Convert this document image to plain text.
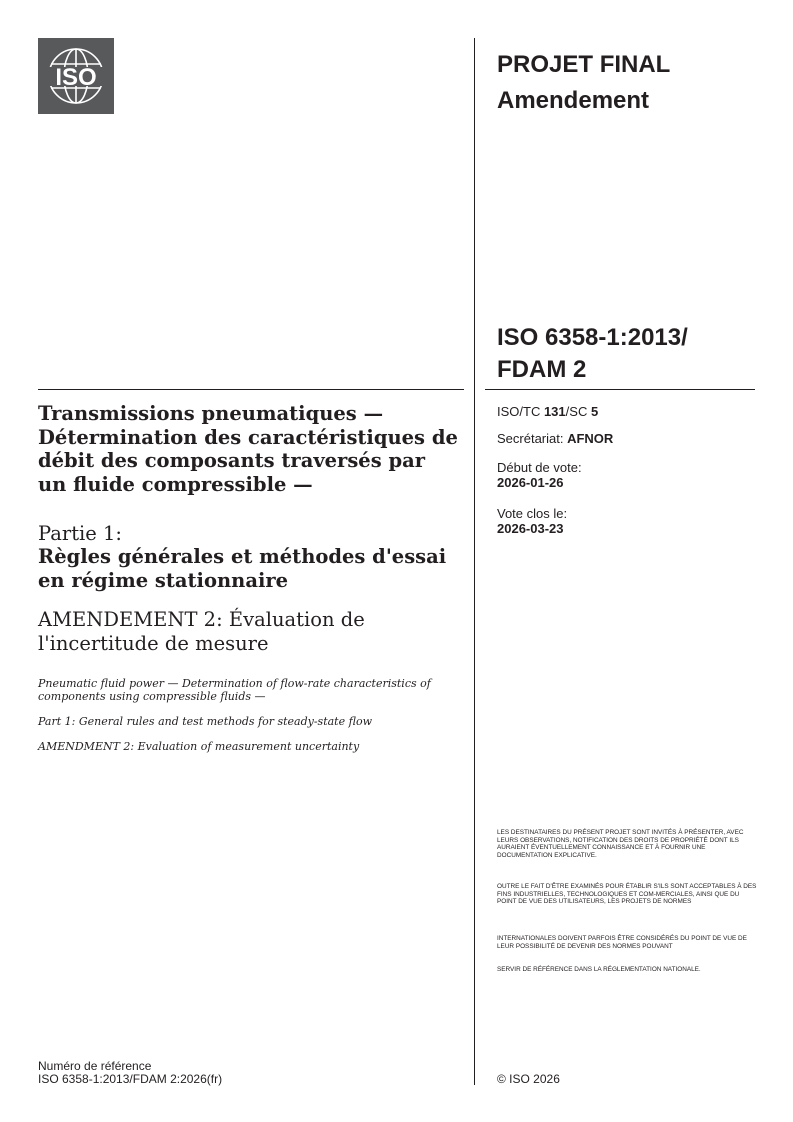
ISO	PROJET FINAL
Amendement
ISO 6358-1:2013/
FDAM 2
ISO/TC 131/SC 5
Secrétariat: AFNOR
Début de vote:
2026-01-26
Vote clos le:
2026-03-23
Transmissions pneumatiques — Détermination des caractéristiques de débit des composants traversés par un fluide compressible —
Partie 1:
Règles générales et méthodes d'essai en régime stationnaire
AMENDEMENT 2: Évaluation de l'incertitude de mesure
Pneumatic fluid power — Determination of flow-rate characteristics of components using compressible fluids —
Part 1: General rules and test methods for steady-state flow
AMENDMENT 2: Evaluation of measurement uncertainty
LES DESTINATAIRES DU PRÉSENT PROJET SONT INVITÉS À PRÉSENTER, AVEC LEURS OBSERVATIONS, NOTIFICATION DES DROITS DE PROPRIÉTÉ DONT ILS AURAIENT ÉVENTUELLEMENT CONNAISSANCE ET À FOURNIR UNE DOCUMENTATION EXPLICATIVE.
OUTRE LE FAIT D'ÊTRE EXAMINÉS POUR ÉTABLIR S'ILS SONT ACCEPTABLES À DES FINS INDUSTRIELLES, TECHNOLOGIQUES ET COM-MERCIALES, AINSI QUE DU POINT DE VUE DES UTILISATEURS, LES PROJETS DE NORMES
INTERNATIONALES DOIVENT PARFOIS ÊTRE CONSIDÉRÉS DU POINT DE VUE DE LEUR POSSIBILITÉ DE DEVENIR DES NORMES POUVANT
SERVIR DE RÉFÉRENCE DANS LA RÉGLEMENTATION NATIONALE.
Numéro de référence
ISO 6358-1:2013/FDAM 2:2026(fr)	© ISO 2026
